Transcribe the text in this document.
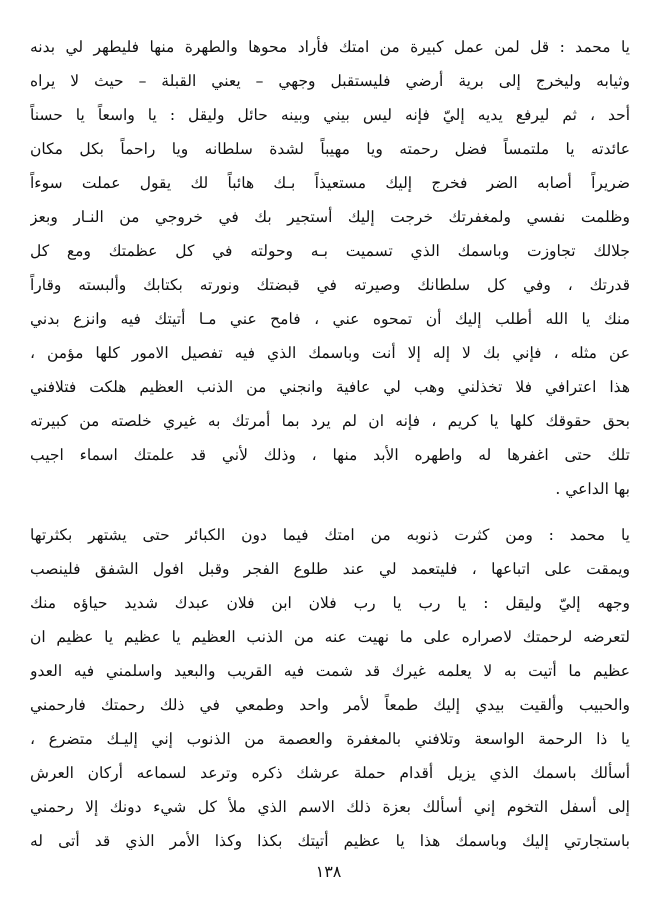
يا محمد : قل لمن عمل كبيرة من امتك فأراد محوها والطهرة منها فليطهر لي بدنه
وثيابه وليخرج إلى برية أرضي فليستقبل وجهي – يعني القبلة – حيث لا يراه
أحد ، ثم ليرفع يديه إليّ فإنه ليس بيني وبينه حائل وليقل : يا واسعاً يا حسناً
عائدته يا ملتمساً فضل رحمته ويا مهيباً لشدة سلطانه ويا راحماً بكل مكان
ضريراً أصابه الضر فخرج إليك مستعيذاً بـك هائباً لك يقول عملت سوءاً
وظلمت نفسي ولمغفرتك خرجت إليك أستجير بك في خروجي من النـار وبعز
جلالك تجاوزت وباسمك الذي تسميت بـه وحولته في كل عظمتك ومع كل
قدرتك ، وفي كل سلطانك وصيرته في قبضتك ونورته بكتابك وألبسته وقاراً
منك يا الله أطلب إليك أن تمحوه عني ، فامح عني مـا أتيتك فيه وانزع بدني
عن مثله ، فإني بك لا إله إلا أنت وباسمك الذي فيه تفصيل الامور كلها مؤمن ،
هذا اعترافي فلا تخذلني وهب لي عافية وانجني من الذنب العظيم هلكت فتلافني
بحق حقوقك كلها يا كريم ، فإنه ان لم يرد بما أمرتك به غيري خلصته من كبيرته
تلك حتى اغفرها له واطهره الأبد منها ، وذلك لأني قد علمتك اسماء اجيب
بها الداعي .
يا محمد : ومن كثرت ذنوبه من امتك فيما دون الكبائر حتى يشتهر بكثرتها
ويمقت على اتباعها ، فليتعمد لي عند طلوع الفجر وقبل افول الشفق فلينصب
وجهه إليّ وليقل : يا رب يا رب فلان ابن فلان عبدك شديد حياؤه منك
لتعرضه لرحمتك لاصراره على ما نهيت عنه من الذنب العظيم يا عظيم يا عظيم ان
عظيم ما أتيت به لا يعلمه غيرك قد شمت فيه القريب والبعيد واسلمني فيه العدو
والحبيب وألقيت بيدي إليك طمعاً لأمر واحد وطمعي في ذلك رحمتك فارحمني
يا ذا الرحمة الواسعة وتلافني بالمغفرة والعصمة من الذنوب إني إليـك متضرع ،
أسألك باسمك الذي يزيل أقدام حملة عرشك ذكره وترعد لسماعه أركان العرش
إلى أسفل التخوم إني أسألك بعزة ذلك الاسم الذي ملأ كل شيء دونك إلا رحمني
باستجارتي إليك وباسمك هذا يا عظيم أتيتك بكذا وكذا الأمر الذي قد أتى له
١٣٨
